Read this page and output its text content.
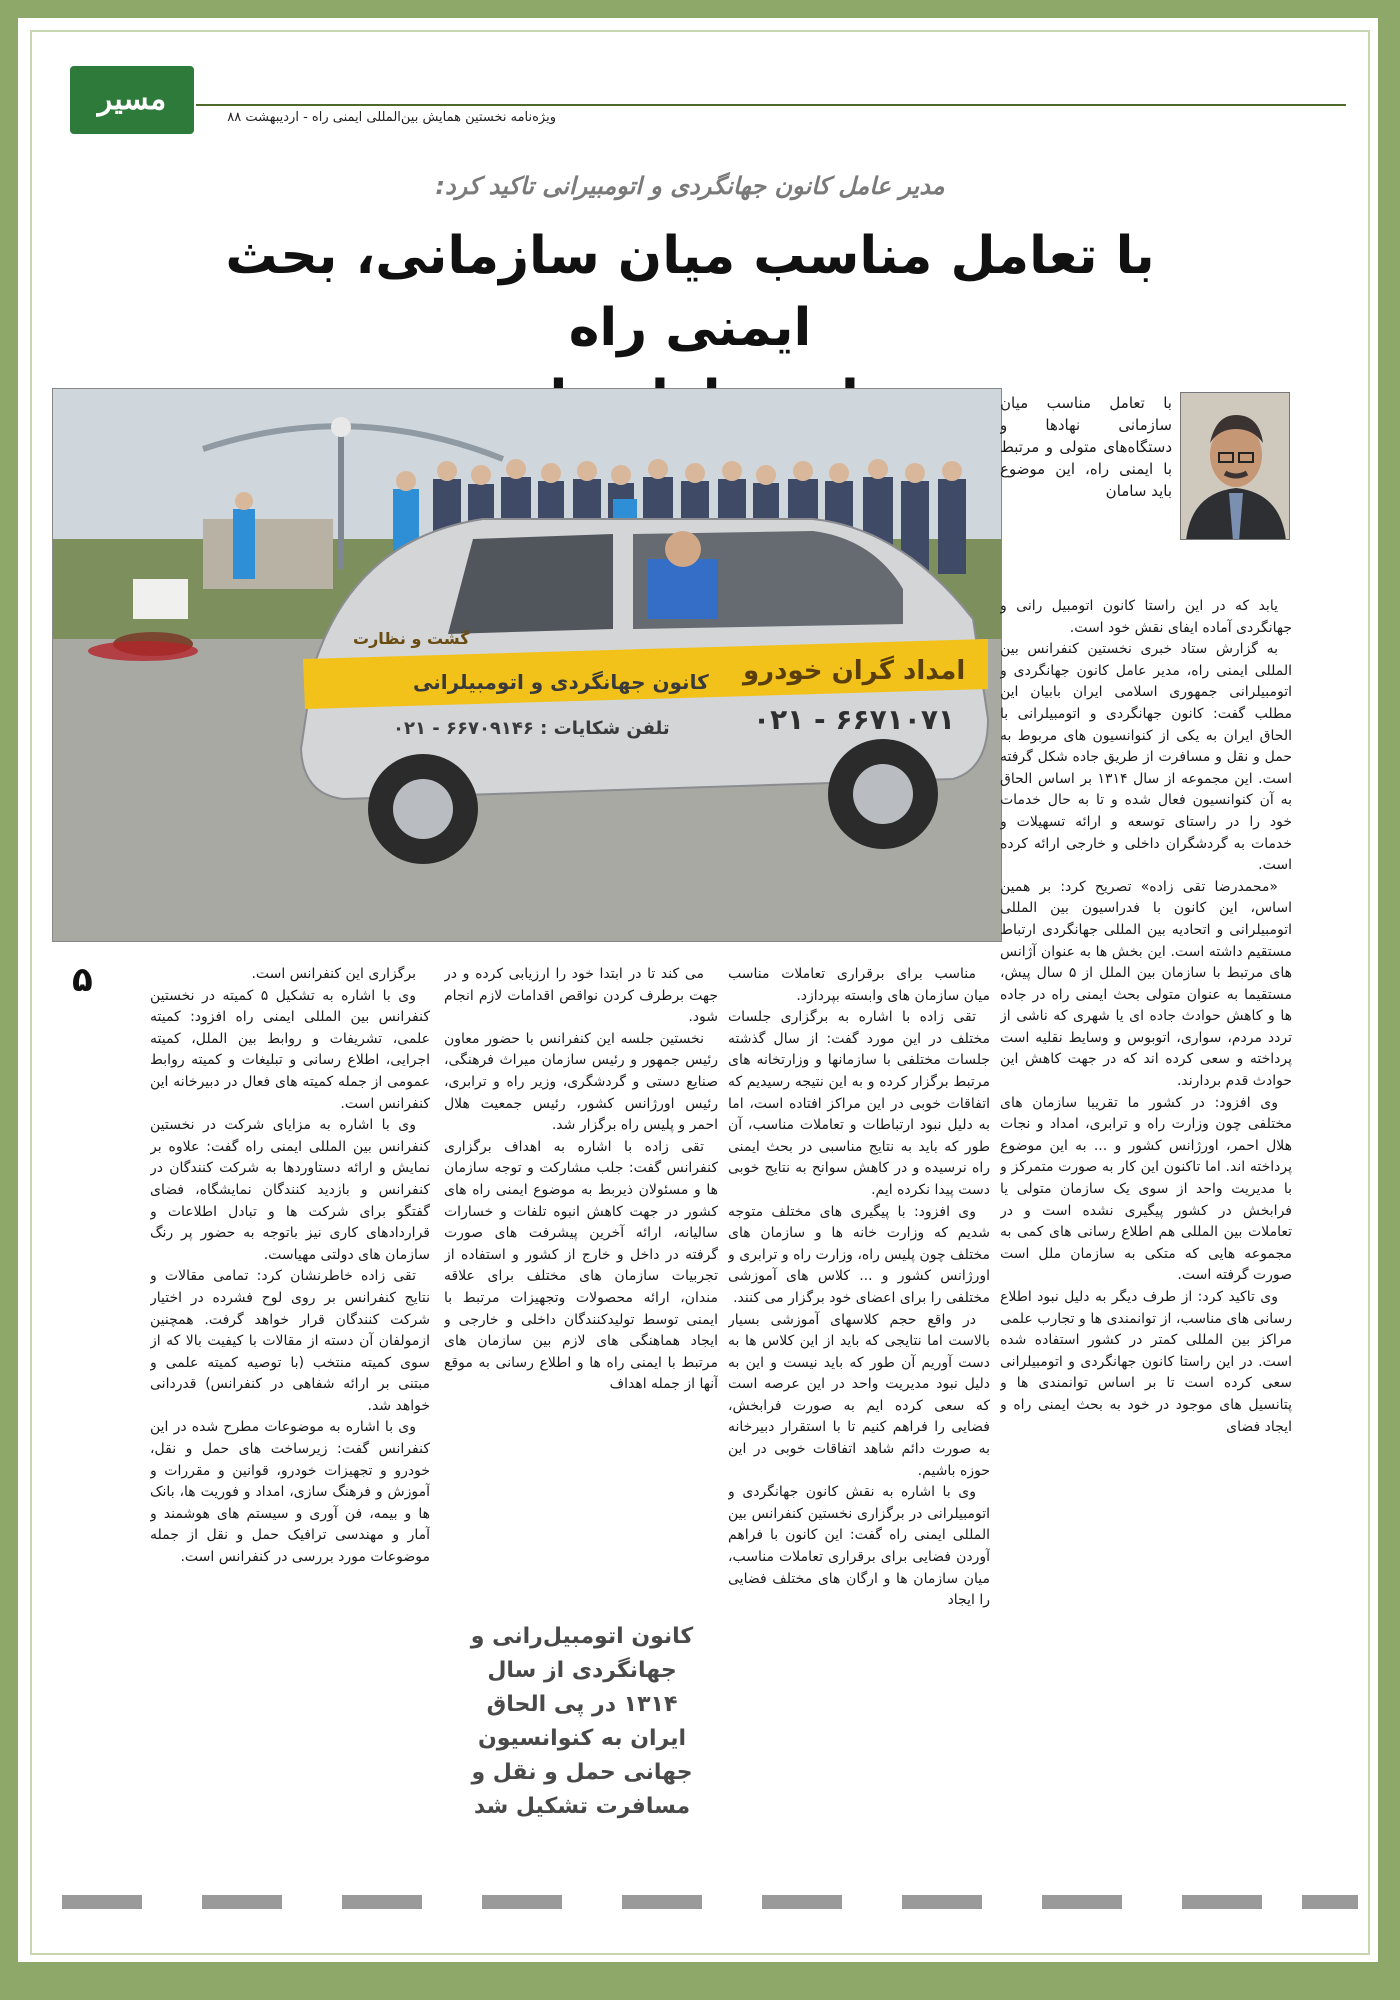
مسیر ایمن
ویژه‌نامه نخستین همایش بین‌المللی ایمنی راه - اردیبهشت ۸۸
مدیر عامل کانون جهانگردی و اتومبیرانی تاکید کرد:
با تعامل مناسب میان سازمانی، بحث ایمنی راه
گشت و نظارت
کانون جهانگردی و اتومبیلرانی
تلفن شکایات : ۶۶۷۰۹۱۴۶ - ۰۲۱
امداد گران خودرو
۰۲۱ - ۶۶۷۱۰۷۱
با تعامل مناسب میان سازمانی نهادها و دستگاه‌های متولی و مرتبط با ایمنی راه، این موضوع باید سامان

یابد که در این راستا کانون اتومبیل رانی و جهانگردی آماده ایفای نقش خود است.

به گزارش ستاد خبری نخستین کنفرانس بین المللی ایمنی راه، مدیر عامل کانون جهانگردی و اتومبیلرانی جمهوری اسلامی ایران بابیان این مطلب گفت: کانون جهانگردی و اتومبیلرانی با الحاق ایران به یکی از کنوانسیون های مربوط به حمل و نقل و مسافرت از طریق جاده شکل گرفته است. این مجموعه از سال ۱۳۱۴ بر اساس الحاق به آن کنوانسیون فعال شده و تا به حال خدمات خود را در راستای توسعه و ارائه تسهیلات و خدمات به گردشگران داخلی و خارجی ارائه کرده است.

«محمدرضا تقی زاده» تصریح کرد: بر همین اساس، این کانون با فدراسیون بین المللی اتومبیلرانی و اتحادیه بین المللی جهانگردی ارتباط مستقیم داشته است. این بخش ها به عنوان آژانس های مرتبط با سازمان بین الملل از ۵ سال پیش، مستقیما به عنوان متولی بحث ایمنی راه در جاده ها و کاهش حوادث جاده ای یا شهری که ناشی از تردد مردم، سواری، اتوبوس و وسایط نقلیه است پرداخته و سعی کرده اند که در جهت کاهش این حوادث قدم بردارند.

وی افزود: در کشور ما تقریبا سازمان های مختلفی چون وزارت راه و ترابری، امداد و نجات هلال احمر، اورژانس کشور و ... به این موضوع پرداخته اند. اما تاکنون این کار به صورت متمرکز و با مدیریت واحد از سوی یک سازمان متولی یا فرابخش در کشور پیگیری نشده است و در تعاملات بین المللی هم اطلاع رسانی های کمی به مجموعه هایی که متکی به سازمان ملل است صورت گرفته است.

وی تاکید کرد: از طرف دیگر به دلیل نبود اطلاع رسانی های مناسب، از توانمندی ها و تجارب علمی مراکز بین المللی کمتر در کشور استفاده شده است. در این راستا کانون جهانگردی و اتومبیلرانی سعی کرده است تا بر اساس توانمندی ها و پتانسیل های موجود در خود به بحث ایمنی راه و ایجاد فضای

مناسب برای برقراری تعاملات مناسب میان سازمان های وابسته بپردازد.

تقی زاده با اشاره به برگزاری جلسات مختلف در این مورد گفت: از سال گذشته جلسات مختلفی با سازمانها و وزارتخانه های مرتبط برگزار کرده و به این نتیجه رسیدیم که اتفاقات خوبی در این مراکز افتاده است، اما به دلیل نبود ارتباطات و تعاملات مناسب، آن طور که باید به نتایج مناسبی در بحث ایمنی راه نرسیده و در کاهش سوانح به نتایج خوبی دست پیدا نکرده ایم.

وی افزود: با پیگیری های مختلف متوجه شدیم که وزارت خانه ها و سازمان های مختلف چون پلیس راه، وزارت راه و ترابری و اورژانس کشور و ... کلاس های آموزشی مختلفی را برای اعضای خود برگزار می کنند.

در واقع حجم کلاسهای آموزشی بسیار بالاست اما نتایجی که باید از این کلاس ها به دست آوریم آن طور که باید نیست و این به دلیل نبود مدیریت واحد در این عرصه است که سعی کرده ایم به صورت فرابخش، فضایی را فراهم کنیم تا با استقرار دبیرخانه به صورت دائم شاهد اتفاقات خوبی در این حوزه باشیم.

وی با اشاره به نقش کانون جهانگردی و اتومبیلرانی در برگزاری نخستین کنفرانس بین المللی ایمنی راه گفت: این کانون با فراهم آوردن فضایی برای برقراری تعاملات مناسب، میان سازمان ها و ارگان های مختلف فضایی را ایجاد

می کند تا در ابتدا خود را ارزیابی کرده و در جهت برطرف کردن نواقص اقدامات لازم انجام شود.

نخستین جلسه این کنفرانس با حضور معاون رئیس جمهور و رئیس سازمان میراث فرهنگی، صنایع دستی و گردشگری، وزیر راه و ترابری، رئیس اورژانس کشور، رئیس جمعیت هلال احمر و پلیس راه برگزار شد.

تقی زاده با اشاره به اهداف برگزاری کنفرانس گفت: جلب مشارکت و توجه سازمان ها و مسئولان ذیربط به موضوع ایمنی راه های کشور در جهت کاهش انبوه تلفات و خسارات سالیانه، ارائه آخرین پیشرفت های صورت گرفته در داخل و خارج از کشور و استفاده از تجربیات سازمان های مختلف برای علاقه مندان، ارائه محصولات وتجهیزات مرتبط با ایمنی توسط تولیدکنندگان داخلی و خارجی و ایجاد هماهنگی های لازم بین سازمان های مرتبط با ایمنی راه ها و اطلاع رسانی به موقع آنها از جمله اهداف

برگزاری این کنفرانس است.

وی با اشاره به تشکیل ۵ کمیته در نخستین کنفرانس بین المللی ایمنی راه افزود: کمیته علمی، تشریفات و روابط بین الملل، کمیته اجرایی، اطلاع رسانی و تبلیغات و کمیته روابط عمومی از جمله کمیته های فعال در دبیرخانه این کنفرانس است.

وی با اشاره به مزایای شرکت در نخستین کنفرانس بین المللی ایمنی راه گفت: علاوه بر نمایش و ارائه دستاوردها به شرکت کنندگان در کنفرانس و بازدید کنندگان نمایشگاه، فضای گفتگو برای شرکت ها و تبادل اطلاعات و قراردادهای کاری نیز باتوجه به حضور پر رنگ سازمان های دولتی مهیاست.

تقی زاده خاطرنشان کرد: تمامی مقالات و نتایج کنفرانس بر روی لوح فشرده در اختیار شرکت کنندگان قرار خواهد گرفت. همچنین ازمولفان آن دسته از مقالات با کیفیت بالا که از سوی کمیته منتخب (با توصیه کمیته علمی و مبتنی بر ارائه شفاهی در کنفرانس) قدردانی خواهد شد.

وی با اشاره به موضوعات مطرح شده در این کنفرانس گفت: زیرساخت های حمل و نقل، خودرو و تجهیزات خودرو، قوانین و مقررات و آموزش و فرهنگ سازی، امداد و فوریت ها، بانک ها و بیمه، فن آوری و سیستم های هوشمند و آمار و مهندسی ترافیک حمل و نقل از جمله موضوعات مورد بررسی در کنفرانس است.

۵
کانون اتومبیل‌رانی و جهانگردی از سال ۱۳۱۴ در پی الحاق ایران به کنوانسیون جهانی حمل و نقل و مسافرت تشکیل شد
